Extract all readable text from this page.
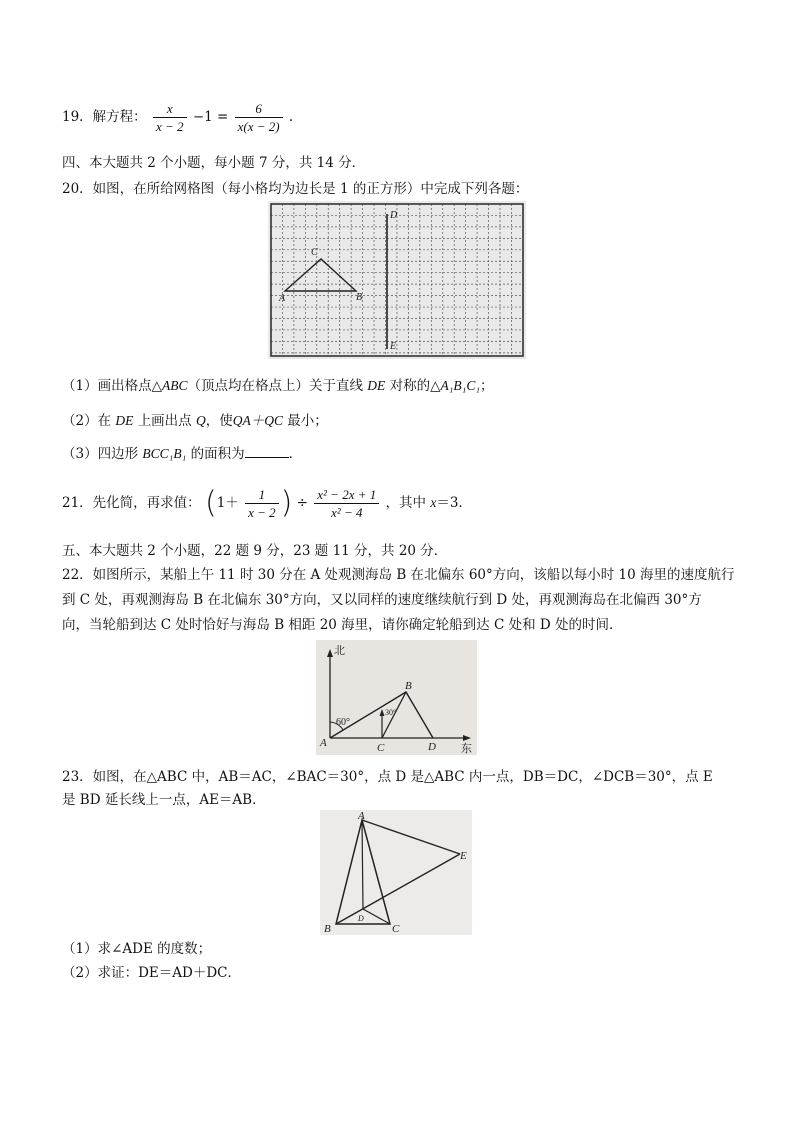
19．解方程： $\frac{x}{x - 2} -1 = \frac{6}{x(x - 2)}$ .
四、本大题共 2 个小题，每小题 7 分，共 14 分．
20．如图，在所给网格图（每小格均为边长是 1 的正方形）中完成下列各题：
C
A	B
D
E
（1）画出格点△ABC（顶点均在格点上）关于直线 DE 对称的△A₁B₁C₁；
（2）在 DE 上画出点 Q，使QA＋QC 最小；
（3）四边形 BCC₁B₁ 的面积为	．
21．先化简，再求值： ($1+ \frac{1}{x - 2}$ ) ÷ $\frac{\text{x² − 2x + 1}}{\text{x² − 4}}$ ，其中 x＝3．
五、本大题共 2 个小题，22 题 9 分，23 题 11 分，共 20 分．
22．如图所示，某船上午 11 时 30 分在 A 处观测海岛 B 在北偏东 60°方向，该船以每小时 10 海里的速度航行
到 C 处，再观测海岛 B 在北偏东 30°方向，又以同样的速度继续航行到 D 处，再观测海岛在北偏西 30°方
向，当轮船到达 C 处时恰好与海岛 B 相距 20 海里，请你确定轮船到达 C 处和 D 处的时间．
北
东
A
B
C	D
60°
30°
23．如图，在△ABC 中，AB＝AC，∠BAC＝30°，点 D 是△ABC 内一点，DB＝DC，∠DCB＝30°，点 E
是 BD 延长线上一点，AE＝AB．
A
E
B	C
D
（1）求∠ADE 的度数；
（2）求证：DE＝AD＋DC．
